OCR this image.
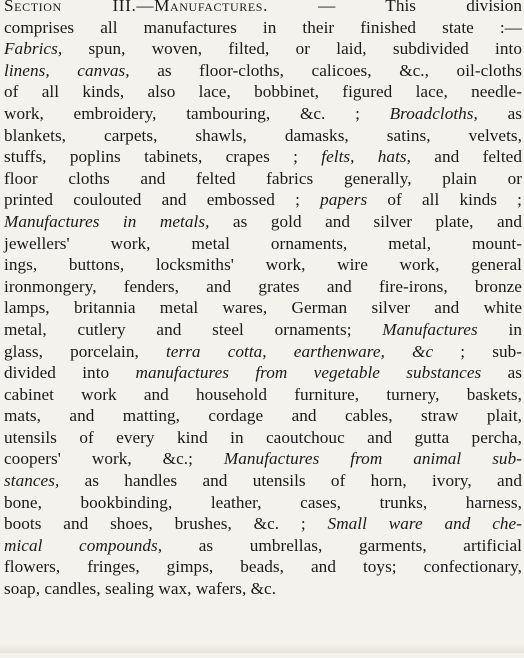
Section III.—Manufactures. — This division
comprises all manufactures in their finished state :—
Fabrics, spun, woven, filted, or laid, subdivided into
linens, canvas, as floor-cloths, calicoes, &c., oil-cloths
of all kinds, also lace, bobbinet, figured lace, needle-
work, embroidery, tambouring, &c. ; Broadcloths, as
blankets, carpets, shawls, damasks, satins, velvets,
stuffs, poplins tabinets, crapes ; felts, hats, and felted
floor cloths and felted fabrics generally, plain or
printed coulouted and embossed ; papers of all kinds ;
Manufactures in metals, as gold and silver plate, and
jewellers' work, metal ornaments, metal, mount-
ings, buttons, locksmiths' work, wire work, general
ironmongery, fenders, and grates and fire-irons, bronze
lamps, britannia metal wares, German silver and white
metal, cutlery and steel ornaments; Manufactures in
glass, porcelain, terra cotta, earthenware, &c ; sub-
divided into manufactures from vegetable substances as
cabinet work and household furniture, turnery, baskets,
mats, and matting, cordage and cables, straw plait,
utensils of every kind in caoutchouc and gutta percha,
coopers' work, &c.; Manufactures from animal sub-
stances, as handles and utensils of horn, ivory, and
bone, bookbinding, leather, cases, trunks, harness,
boots and shoes, brushes, &c. ; Small ware and che-
mical compounds, as umbrellas, garments, artificial
flowers, fringes, gimps, beads, and toys; confectionary,
soap, candles, sealing wax, wafers, &c.
